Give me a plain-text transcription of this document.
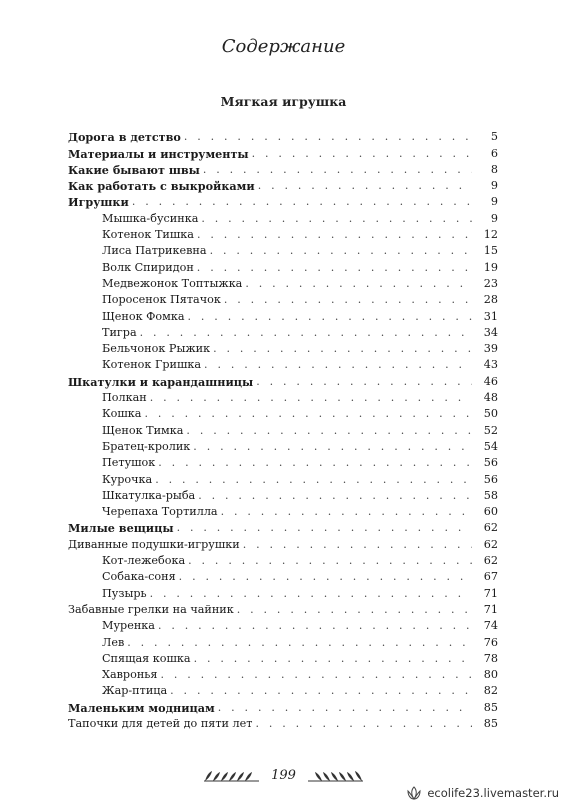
Содержание
Мягкая игрушка
Дорога в детство . . .	5
Материалы и инструменты . . .	6
Какие бывают швы . . .	8
Как работать с выкройками . . .	9
Игрушки . . .	9
Мышка-бусинка . . .	9
Котенок Тишка . . .	12
Лиса Патрикевна . . .	15
Волк Спиридон . . .	19
Медвежонок Топтыжка . . .	23
Поросенок Пятачок . . .	28
Щенок Фомка . . .	31
Тигра . . .	34
Бельчонок Рыжик . . .	39
Котенок Гришка . . .	43
Шкатулки и карандашницы . . .	46
Полкан . . .	48
Кошка . . .	50
Щенок Тимка . . .	52
Братец-кролик . . .	54
Петушок . . .	56
Курочка . . .	56
Шкатулка-рыба . . .	58
Черепаха Тортилла . . .	60
Милые вещицы . . .	62
Диванные подушки-игрушки . . .	62
Кот-лежебока . . .	62
Собака-соня . . .	67
Пузырь . . .	71
Забавные грелки на чайник . . .	71
Муренка . . .	74
Лев . . .	76
Спящая кошка . . .	78
Хавронья . . .	80
Жар-птица . . .	82
Маленьким модницам . . .	85
Тапочки для детей до пяти лет . . .	85
199
ecolife23.livemaster.ru
